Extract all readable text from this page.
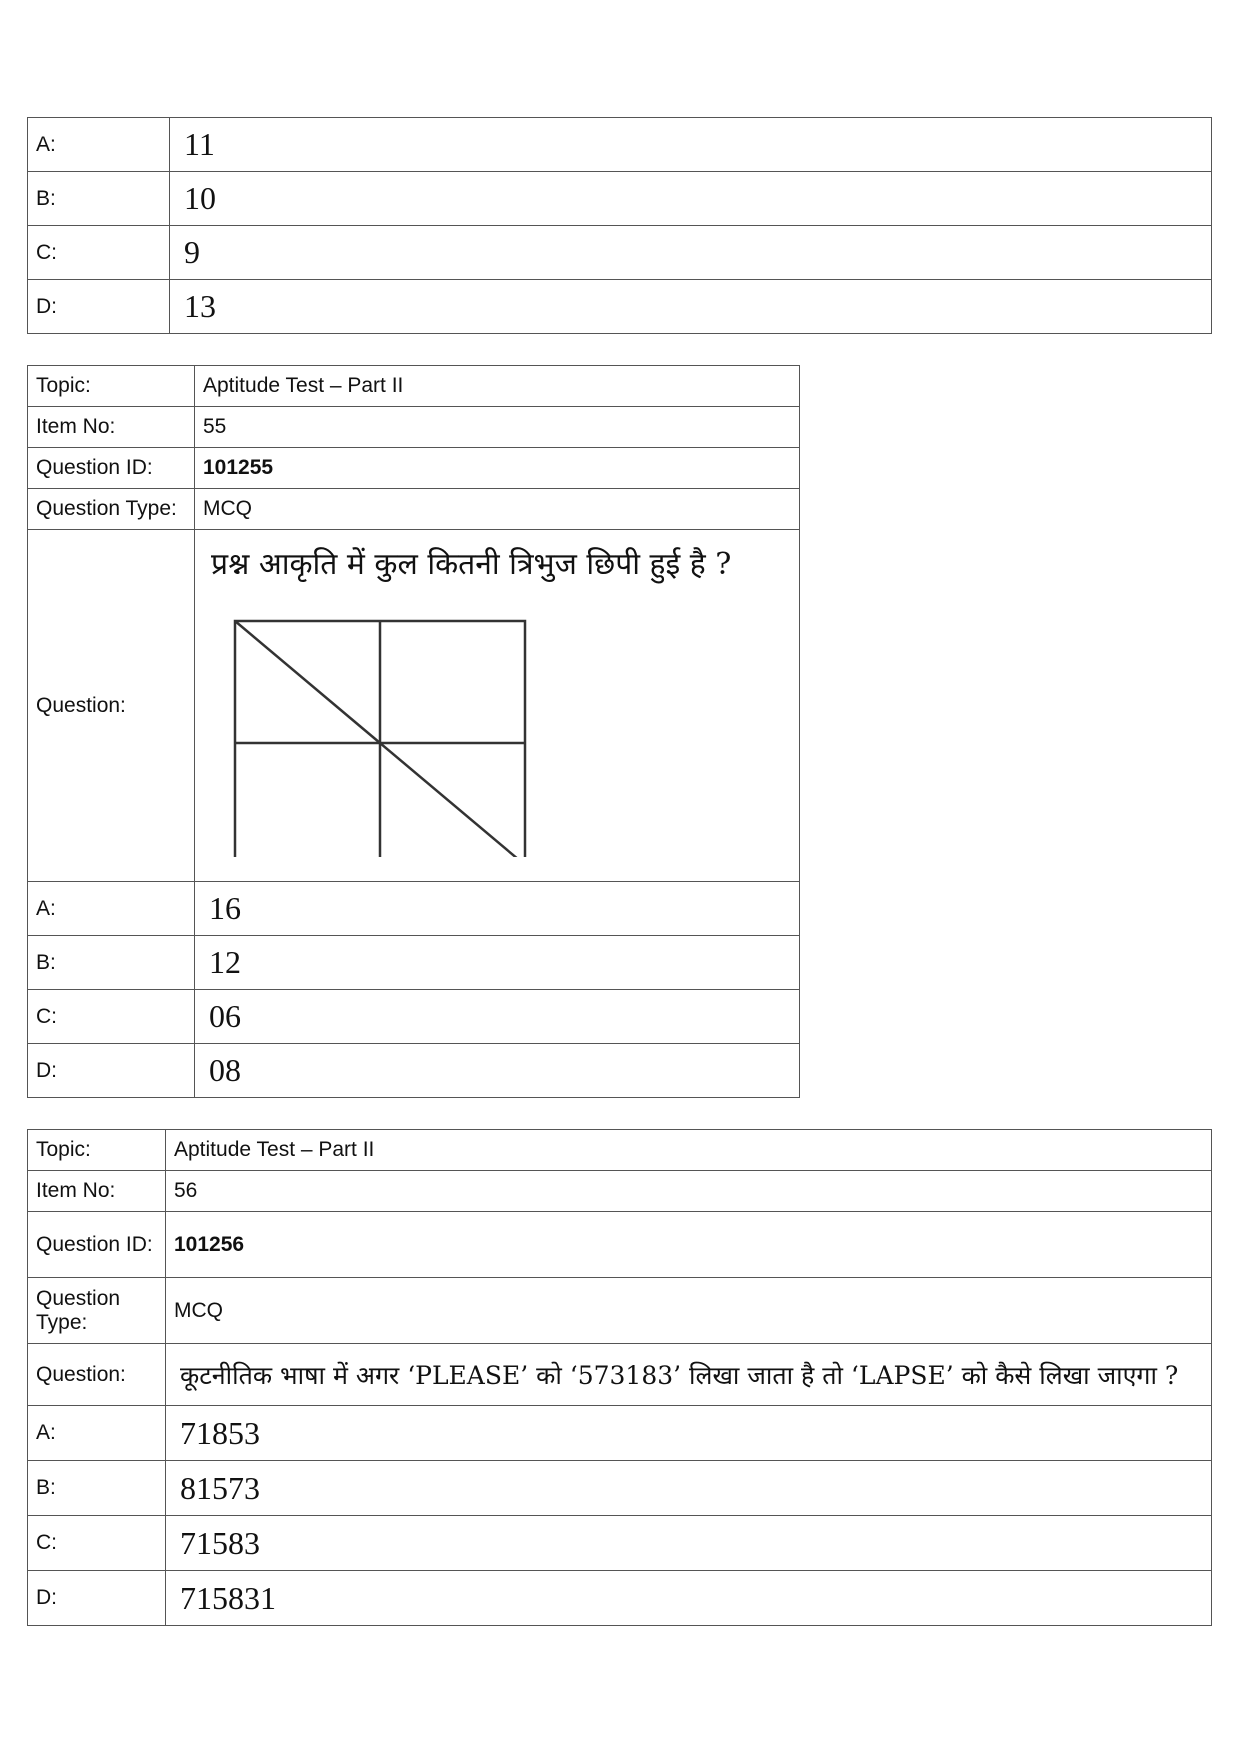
A:	11
B:	10
C:	9
D:	13
Topic:	Aptitude Test – Part II
Item No:	55
Question ID:	101255
Question Type:	MCQ
Question:	प्रश्न आकृति में कुल कितनी त्रिभुज छिपी हुई है ?

A:	16
B:	12
C:	06
D:	08
Topic:	Aptitude Test – Part II
Item No:	56
Question ID:	101256
Question Type:	MCQ
Question:	कूटनीतिक भाषा में अगर ‘PLEASE’ को ‘573183’ लिखा जाता है तो ‘LAPSE’ को कैसे लिखा जाएगा ?

A:	71853
B:	81573
C:	71583
D:	715831
